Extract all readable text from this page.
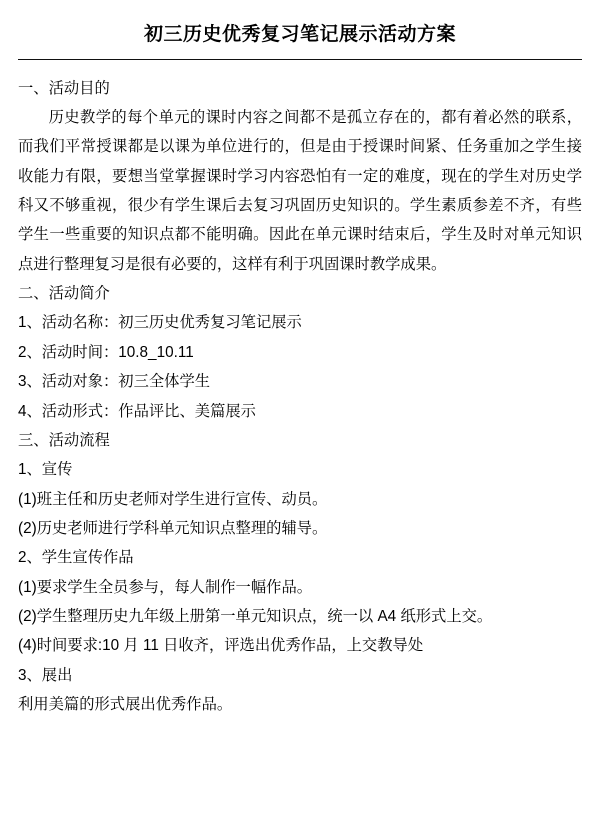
初三历史优秀复习笔记展示活动方案

一、活动目的

历史教学的每个单元的课时内容之间都不是孤立存在的，都有着必然的联系，而我们平常授课都是以课为单位进行的，但是由于授课时间紧、任务重加之学生接收能力有限，要想当堂掌握课时学习内容恐怕有一定的难度，现在的学生对历史学科又不够重视，很少有学生课后去复习巩固历史知识的。学生素质参差不齐，有些学生一些重要的知识点都不能明确。因此在单元课时结束后，学生及时对单元知识点进行整理复习是很有必要的，这样有利于巩固课时教学成果。

二、活动简介

1、活动名称：初三历史优秀复习笔记展示

2、活动时间：10.8_10.11

3、活动对象：初三全体学生

4、活动形式：作品评比、美篇展示

三、活动流程

1、宣传

(1)班主任和历史老师对学生进行宣传、动员。

(2)历史老师进行学科单元知识点整理的辅导。

2、学生宣传作品

(1)要求学生全员参与，每人制作一幅作品。

(2)学生整理历史九年级上册第一单元知识点，统一以 A4 纸形式上交。

(4)时间要求:10 月 11 日收齐，评选出优秀作品，上交教导处

3、展出

利用美篇的形式展出优秀作品。
